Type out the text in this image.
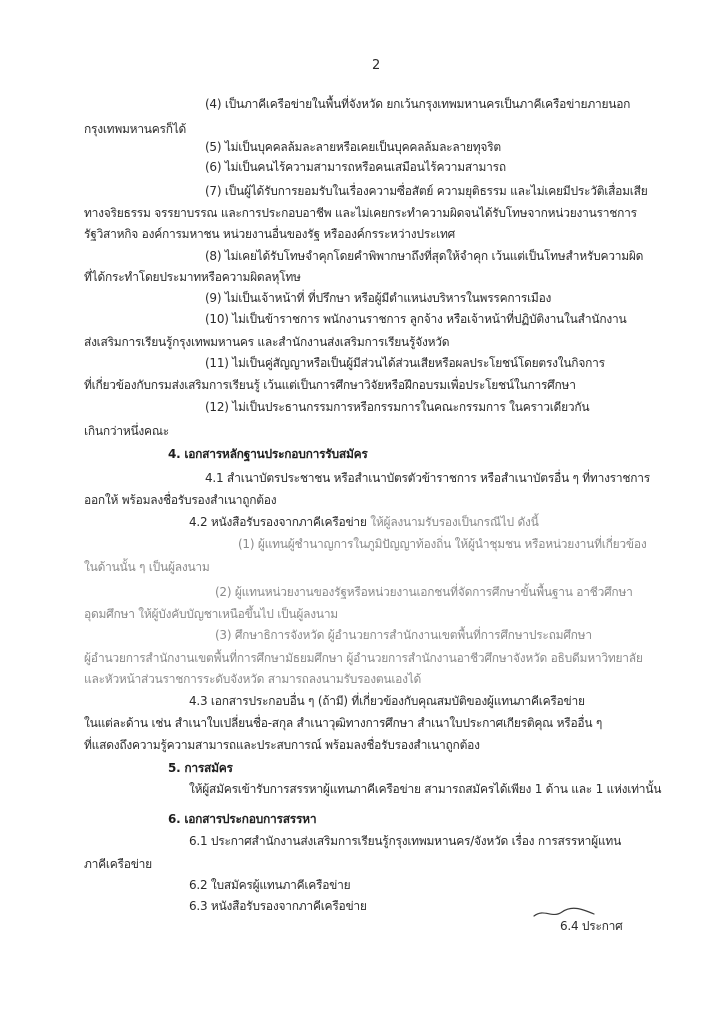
2
(4) เป็นภาคีเครือข่ายในพื้นที่จังหวัด ยกเว้นกรุงเทพมหานครเป็นภาคีเครือข่ายภายนอก
กรุงเทพมหานครก็ได้
(5) ไม่เป็นบุคคลล้มละลายหรือเคยเป็นบุคคลล้มละลายทุจริต
(6) ไม่เป็นคนไร้ความสามารถหรือคนเสมือนไร้ความสามารถ
(7) เป็นผู้ได้รับการยอมรับในเรื่องความซื่อสัตย์ ความยุติธรรม และไม่เคยมีประวัติเสื่อมเสีย
ทางจริยธรรม จรรยาบรรณ และการประกอบอาชีพ และไม่เคยกระทำความผิดจนได้รับโทษจากหน่วยงานราชการ
รัฐวิสาหกิจ องค์การมหาชน หน่วยงานอื่นของรัฐ หรือองค์กรระหว่างประเทศ
(8) ไม่เคยได้รับโทษจำคุกโดยคำพิพากษาถึงที่สุดให้จำคุก เว้นแต่เป็นโทษสำหรับความผิด
ที่ได้กระทำโดยประมาทหรือความผิดลหุโทษ
(9) ไม่เป็นเจ้าหน้าที่ ที่ปรึกษา หรือผู้มีตำแหน่งบริหารในพรรคการเมือง
(10) ไม่เป็นข้าราชการ พนักงานราชการ ลูกจ้าง หรือเจ้าหน้าที่ปฏิบัติงานในสำนักงาน
ส่งเสริมการเรียนรู้กรุงเทพมหานคร และสำนักงานส่งเสริมการเรียนรู้จังหวัด
(11) ไม่เป็นคู่สัญญาหรือเป็นผู้มีส่วนได้ส่วนเสียหรือผลประโยชน์โดยตรงในกิจการ
ที่เกี่ยวข้องกับกรมส่งเสริมการเรียนรู้ เว้นแต่เป็นการศึกษาวิจัยหรือฝึกอบรมเพื่อประโยชน์ในการศึกษา
(12) ไม่เป็นประธานกรรมการหรือกรรมการในคณะกรรมการ ในคราวเดียวกัน
เกินกว่าหนึ่งคณะ
4. เอกสารหลักฐานประกอบการรับสมัคร
4.1 สำเนาบัตรประชาชน หรือสำเนาบัตรตัวข้าราชการ หรือสำเนาบัตรอื่น ๆ ที่ทางราชการ
ออกให้ พร้อมลงชื่อรับรองสำเนาถูกต้อง
4.2 หนังสือรับรองจากภาคีเครือข่าย ให้ผู้ลงนามรับรองเป็นกรณีไป ดังนี้
(1) ผู้แทนผู้ชำนาญการในภูมิปัญญาท้องถิ่น ให้ผู้นำชุมชน หรือหน่วยงานที่เกี่ยวข้อง
ในด้านนั้น ๆ เป็นผู้ลงนาม
(2) ผู้แทนหน่วยงานของรัฐหรือหน่วยงานเอกชนที่จัดการศึกษาขั้นพื้นฐาน อาชีวศึกษา
อุดมศึกษา ให้ผู้บังคับบัญชาเหนือขึ้นไป เป็นผู้ลงนาม
(3) ศึกษาธิการจังหวัด ผู้อำนวยการสำนักงานเขตพื้นที่การศึกษาประถมศึกษา
ผู้อำนวยการสำนักงานเขตพื้นที่การศึกษามัธยมศึกษา ผู้อำนวยการสำนักงานอาชีวศึกษาจังหวัด อธิบดีมหาวิทยาลัย
และหัวหน้าส่วนราชการระดับจังหวัด สามารถลงนามรับรองตนเองได้
4.3 เอกสารประกอบอื่น ๆ (ถ้ามี) ที่เกี่ยวข้องกับคุณสมบัติของผู้แทนภาคีเครือข่าย
ในแต่ละด้าน เช่น สำเนาใบเปลี่ยนชื่อ-สกุล สำเนาวุฒิทางการศึกษา สำเนาใบประกาศเกียรติคุณ หรืออื่น ๆ
ที่แสดงถึงความรู้ความสามารถและประสบการณ์ พร้อมลงชื่อรับรองสำเนาถูกต้อง
5. การสมัคร
ให้ผู้สมัครเข้ารับการสรรหาผู้แทนภาคีเครือข่าย สามารถสมัครได้เพียง 1 ด้าน และ 1 แห่งเท่านั้น
6. เอกสารประกอบการสรรหา
6.1 ประกาศสำนักงานส่งเสริมการเรียนรู้กรุงเทพมหานคร/จังหวัด เรื่อง การสรรหาผู้แทน
ภาคีเครือข่าย
6.2 ใบสมัครผู้แทนภาคีเครือข่าย
6.3 หนังสือรับรองจากภาคีเครือข่าย
6.4 ประกาศ
